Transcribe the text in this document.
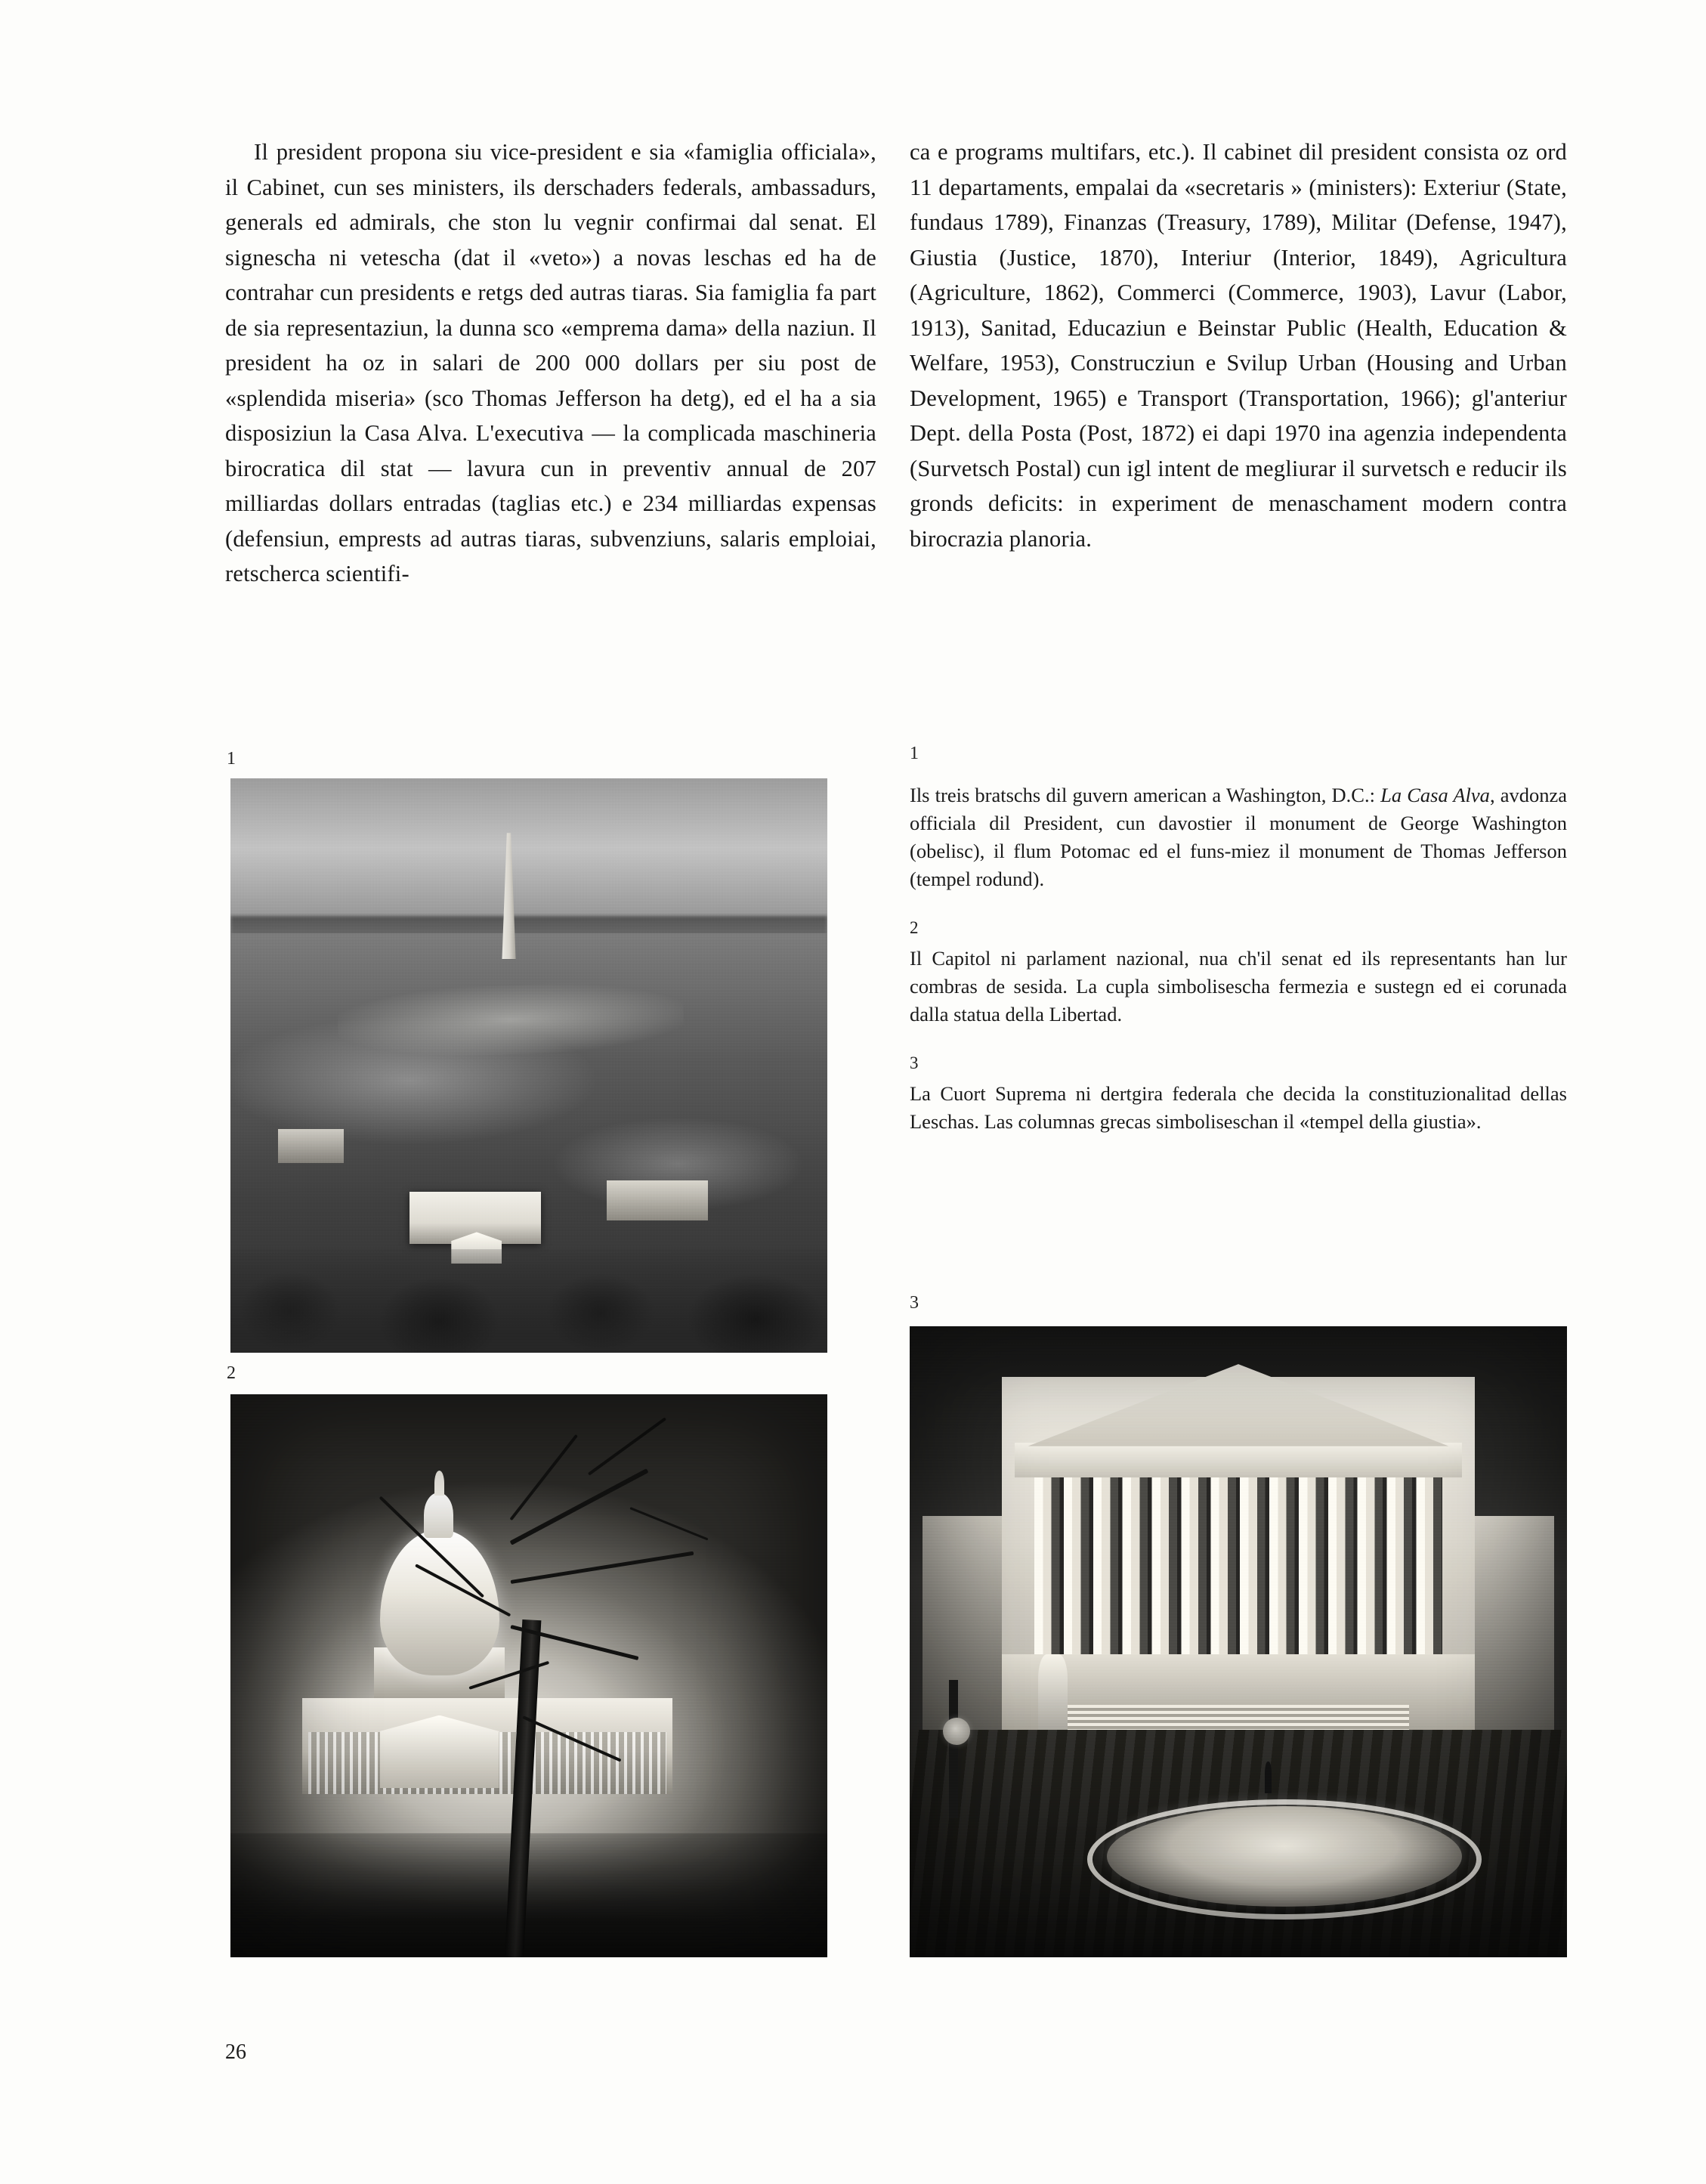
Il president propona siu vice-president e sia «famiglia officiala», il Cabinet, cun ses ministers, ils derschaders federals, ambassadurs, generals ed admirals, che ston lu vegnir confirmai dal senat. El signescha ni vetescha (dat il «veto») a novas leschas ed ha de contrahar cun presidents e retgs ded autras tiaras. Sia famiglia fa part de sia representaziun, la dunna sco «emprema dama» della naziun. Il president ha oz in salari de 200 000 dollars per siu post de «splendida miseria» (sco Thomas Jefferson ha detg), ed el ha a sia disposiziun la Casa Alva. L'executiva — la complicada maschineria birocratica dil stat — lavura cun in preventiv annual de 207 milliardas dollars entradas (taglias etc.) e 234 milliardas expensas (defensiun, emprests ad autras tiaras, subvenziuns, salaris emploiai, retscherca scientifi-

ca e programs multifars, etc.). Il cabinet dil president consista oz ord 11 departaments, empalai da «secretaris » (ministers): Exteriur (State, fundaus 1789), Finanzas (Treasury, 1789), Militar (Defense, 1947), Giustia (Justice, 1870), Interiur (Interior, 1849), Agricultura (Agriculture, 1862), Commerci (Commerce, 1903), Lavur (Labor, 1913), Sanitad, Educaziun e Beinstar Public (Health, Education & Welfare, 1953), Construcziun e Svilup Urban (Housing and Urban Development, 1965) e Transport (Transportation, 1966); gl'anteriur Dept. della Posta (Post, 1872) ei dapi 1970 ina agenzia independenta (Survetsch Postal) cun igl intent de megliurar il survetsch e reducir ils gronds deficits: in experiment de menaschament modern contra birocrazia planoria.

1
2
1
3

Ils treis bratschs dil guvern american a Washington, D.C.: La Casa Alva, avdonza officiala dil President, cun davostier il monument de George Washington (obelisc), il flum Potomac ed el funs-miez il monument de Thomas Jefferson (tempel rodund).

2

Il Capitol ni parlament nazional, nua ch'il senat ed ils representants han lur combras de sesida. La cupla simbolisescha fermezia e sustegn ed ei corunada dalla statua della Libertad.

3

La Cuort Suprema ni dertgira federala che decida la constituzionalitad dellas Leschas. Las columnas grecas simboliseschan il «tempel della giustia».

26
